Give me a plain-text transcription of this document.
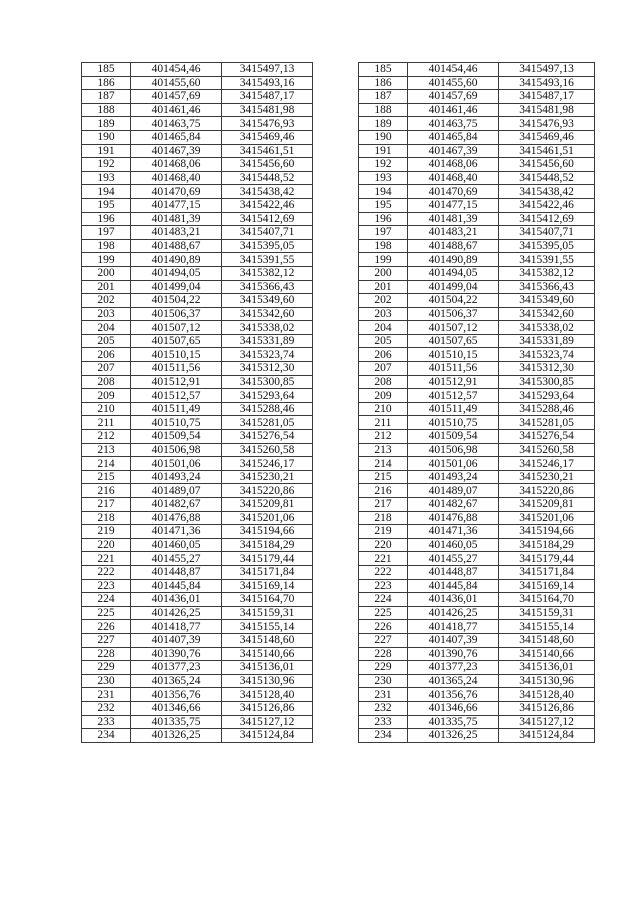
185	401454,46	3415497,13		185	401454,46	3415497,13
186	401455,60	3415493,16		186	401455,60	3415493,16
187	401457,69	3415487,17		187	401457,69	3415487,17
188	401461,46	3415481,98		188	401461,46	3415481,98
189	401463,75	3415476,93		189	401463,75	3415476,93
190	401465,84	3415469,46		190	401465,84	3415469,46
191	401467,39	3415461,51		191	401467,39	3415461,51
192	401468,06	3415456,60		192	401468,06	3415456,60
193	401468,40	3415448,52		193	401468,40	3415448,52
194	401470,69	3415438,42		194	401470,69	3415438,42
195	401477,15	3415422,46		195	401477,15	3415422,46
196	401481,39	3415412,69		196	401481,39	3415412,69
197	401483,21	3415407,71		197	401483,21	3415407,71
198	401488,67	3415395,05		198	401488,67	3415395,05
199	401490,89	3415391,55		199	401490,89	3415391,55
200	401494,05	3415382,12		200	401494,05	3415382,12
201	401499,04	3415366,43		201	401499,04	3415366,43
202	401504,22	3415349,60		202	401504,22	3415349,60
203	401506,37	3415342,60		203	401506,37	3415342,60
204	401507,12	3415338,02		204	401507,12	3415338,02
205	401507,65	3415331,89		205	401507,65	3415331,89
206	401510,15	3415323,74		206	401510,15	3415323,74
207	401511,56	3415312,30		207	401511,56	3415312,30
208	401512,91	3415300,85		208	401512,91	3415300,85
209	401512,57	3415293,64		209	401512,57	3415293,64
210	401511,49	3415288,46		210	401511,49	3415288,46
211	401510,75	3415281,05		211	401510,75	3415281,05
212	401509,54	3415276,54		212	401509,54	3415276,54
213	401506,98	3415260,58		213	401506,98	3415260,58
214	401501,06	3415246,17		214	401501,06	3415246,17
215	401493,24	3415230,21		215	401493,24	3415230,21
216	401489,07	3415220,86		216	401489,07	3415220,86
217	401482,67	3415209,81		217	401482,67	3415209,81
218	401476,88	3415201,06		218	401476,88	3415201,06
219	401471,36	3415194,66		219	401471,36	3415194,66
220	401460,05	3415184,29		220	401460,05	3415184,29
221	401455,27	3415179,44		221	401455,27	3415179,44
222	401448,87	3415171,84		222	401448,87	3415171,84
223	401445,84	3415169,14		223	401445,84	3415169,14
224	401436,01	3415164,70		224	401436,01	3415164,70
225	401426,25	3415159,31		225	401426,25	3415159,31
226	401418,77	3415155,14		226	401418,77	3415155,14
227	401407,39	3415148,60		227	401407,39	3415148,60
228	401390,76	3415140,66		228	401390,76	3415140,66
229	401377,23	3415136,01		229	401377,23	3415136,01
230	401365,24	3415130,96		230	401365,24	3415130,96
231	401356,76	3415128,40		231	401356,76	3415128,40
232	401346,66	3415126,86		232	401346,66	3415126,86
233	401335,75	3415127,12		233	401335,75	3415127,12
234	401326,25	3415124,84		234	401326,25	3415124,84
